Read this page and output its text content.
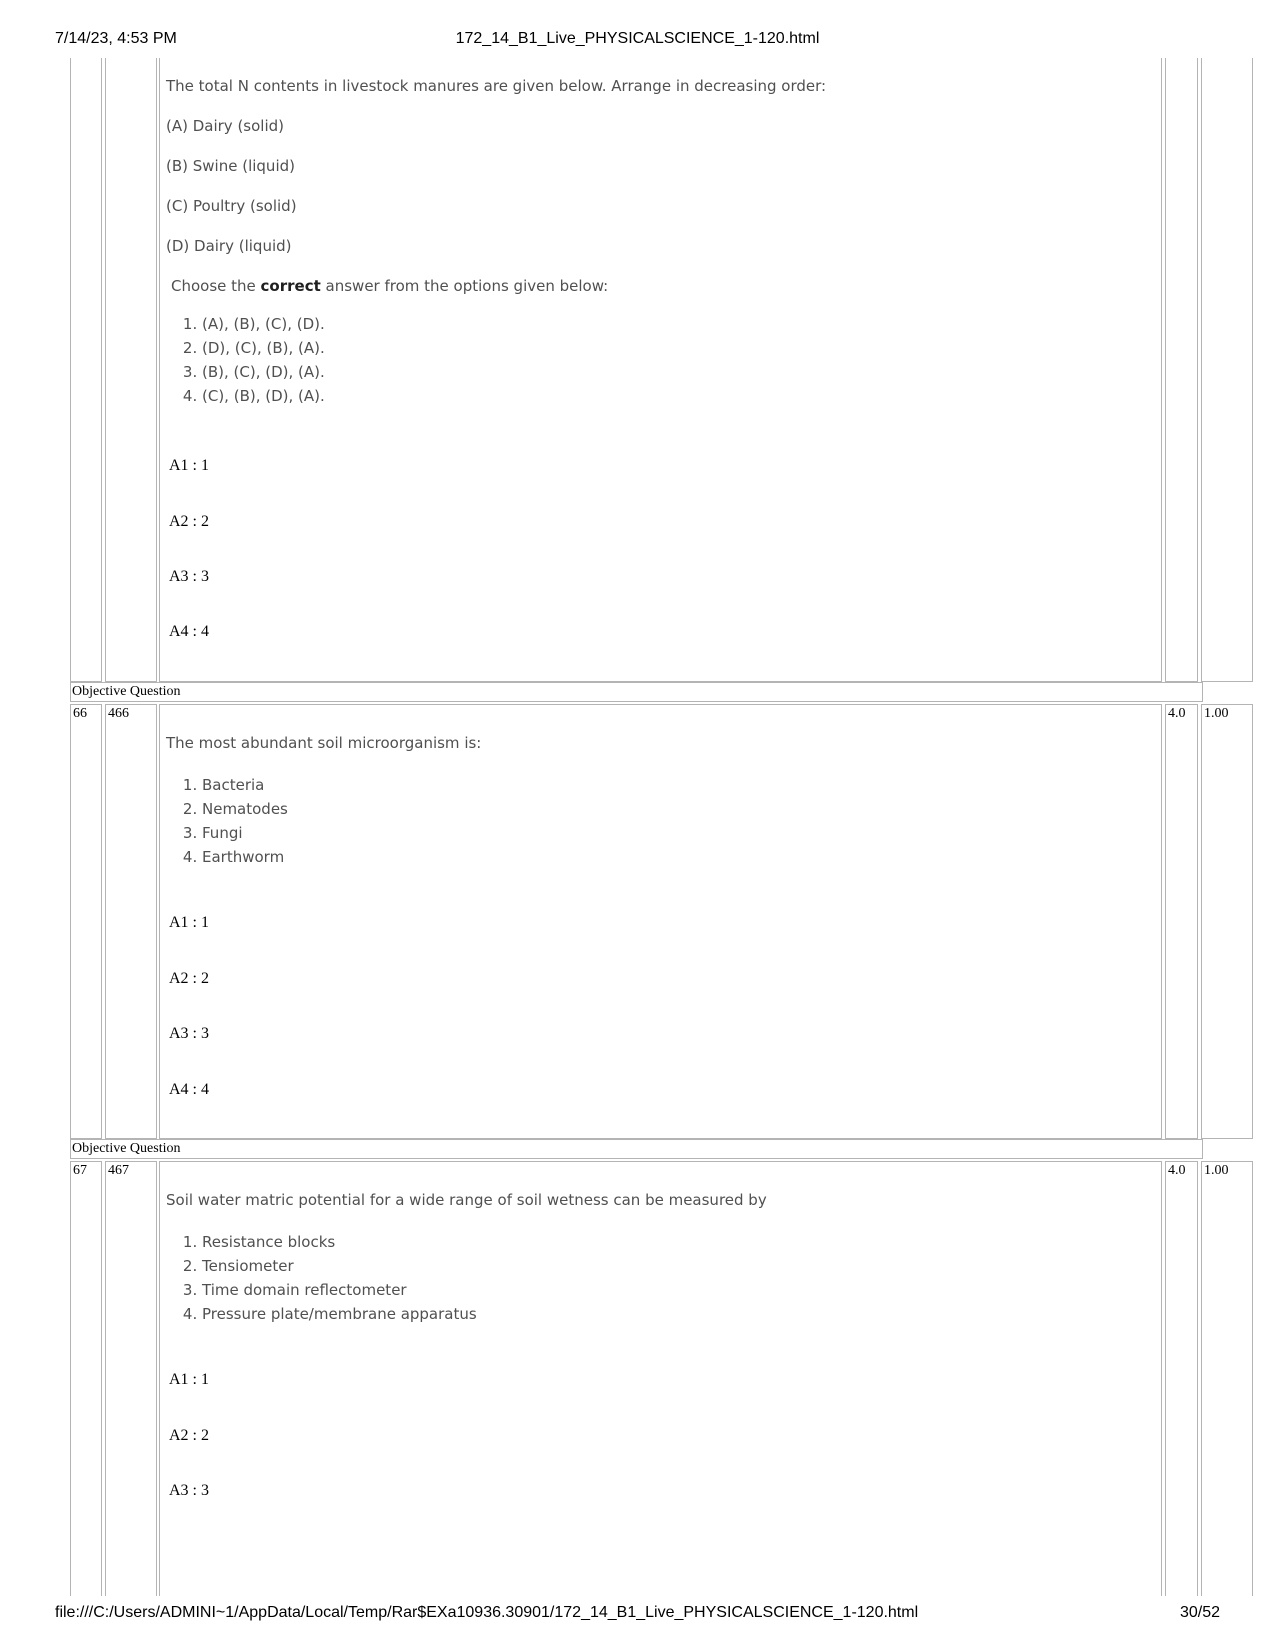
7/14/23, 4:53 PM	172_14_B1_Live_PHYSICALSCIENCE_1-120.html

The total N contents in livestock manures are given below. Arrange in decreasing order:

(A) Dairy (solid)

(B) Swine (liquid)

(C) Poultry (solid)

(D) Dairy (liquid)

Choose the correct answer from the options given below:

1. (A), (B), (C), (D).
2. (D), (C), (B), (A).
3. (B), (C), (D), (A).
4. (C), (B), (D), (A).
A1 : 1
A2 : 2
A3 : 3
A4 : 4
Objective Question
66	466

The most abundant soil microorganism is:

1. Bacteria
2. Nematodes
3. Fungi
4. Earthworm
A1 : 1
A2 : 2
A3 : 3
A4 : 4
4.0	1.00
Objective Question
67	467

Soil water matric potential for a wide range of soil wetness can be measured by

1. Resistance blocks
2. Tensiometer
3. Time domain reflectometer
4. Pressure plate/membrane apparatus
A1 : 1
A2 : 2
A3 : 3
4.0	1.00
file:///C:/Users/ADMINI~1/AppData/Local/Temp/Rar$EXa10936.30901/172_14_B1_Live_PHYSICALSCIENCE_1-120.html	30/52
